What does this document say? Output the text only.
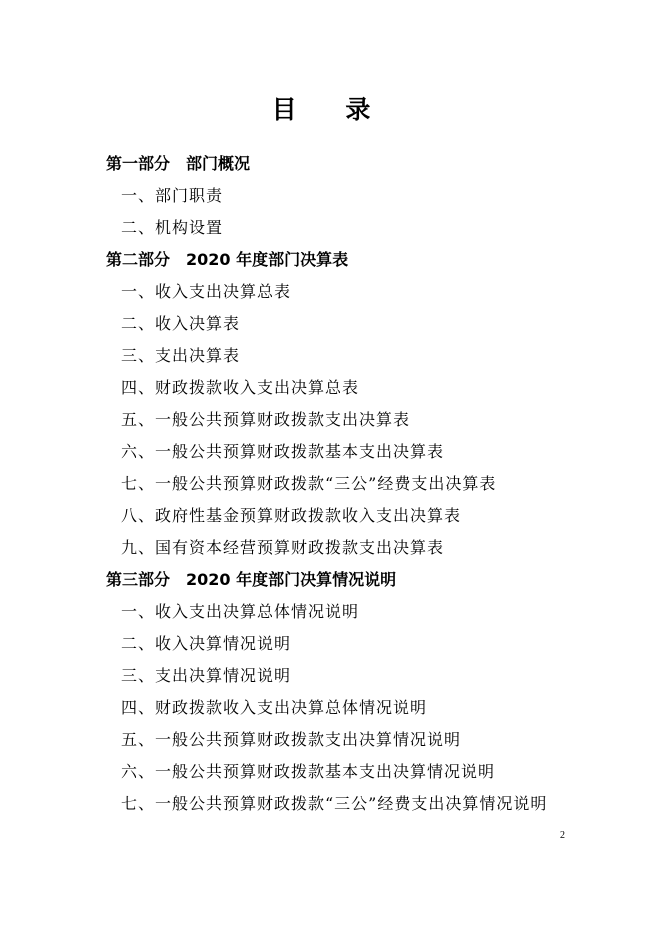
目 录
第一部分　部门概况
一、部门职责
二、机构设置
第二部分　2020 年度部门决算表
一、收入支出决算总表
二、收入决算表
三、支出决算表
四、财政拨款收入支出决算总表
五、一般公共预算财政拨款支出决算表
六、一般公共预算财政拨款基本支出决算表
七、一般公共预算财政拨款“三公”经费支出决算表
八、政府性基金预算财政拨款收入支出决算表
九、国有资本经营预算财政拨款支出决算表
第三部分　2020 年度部门决算情况说明
一、收入支出决算总体情况说明
二、收入决算情况说明
三、支出决算情况说明
四、财政拨款收入支出决算总体情况说明
五、一般公共预算财政拨款支出决算情况说明
六、一般公共预算财政拨款基本支出决算情况说明
七、一般公共预算财政拨款“三公”经费支出决算情况说明
2
